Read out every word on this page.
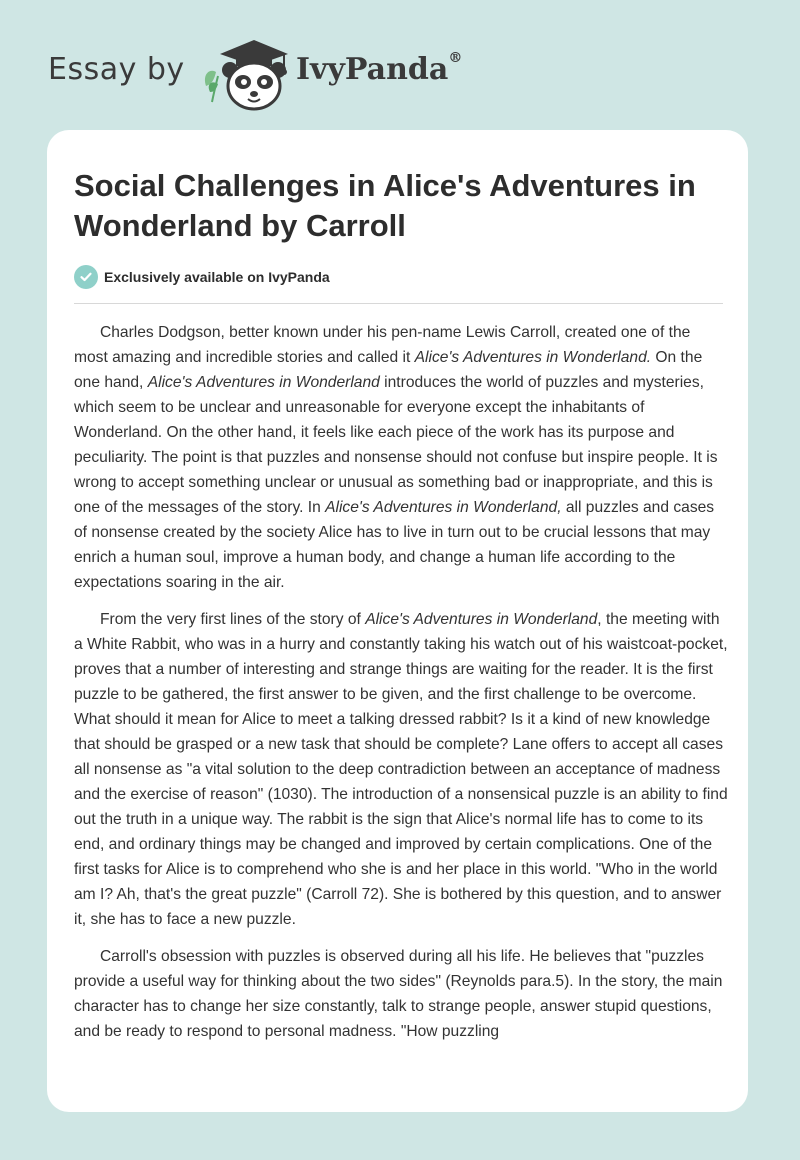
Essay by	IvyPanda®
Social Challenges in Alice's Adventures in Wonderland by Carroll
Exclusively available on IvyPanda

Charles Dodgson, better known under his pen-name Lewis Carroll, created one of the most amazing and incredible stories and called it Alice's Adventures in Wonderland. On the one hand, Alice's Adventures in Wonderland introduces the world of puzzles and mysteries, which seem to be unclear and unreasonable for everyone except the inhabitants of Wonderland. On the other hand, it feels like each piece of the work has its purpose and peculiarity. The point is that puzzles and nonsense should not confuse but inspire people. It is wrong to accept something unclear or unusual as something bad or inappropriate, and this is one of the messages of the story. In Alice's Adventures in Wonderland, all puzzles and cases of nonsense created by the society Alice has to live in turn out to be crucial lessons that may enrich a human soul, improve a human body, and change a human life according to the expectations soaring in the air.

From the very first lines of the story of Alice's Adventures in Wonderland, the meeting with a White Rabbit, who was in a hurry and constantly taking his watch out of his waistcoat-pocket, proves that a number of interesting and strange things are waiting for the reader. It is the first puzzle to be gathered, the first answer to be given, and the first challenge to be overcome. What should it mean for Alice to meet a talking dressed rabbit? Is it a kind of new knowledge that should be grasped or a new task that should be complete? Lane offers to accept all cases all nonsense as "a vital solution to the deep contradiction between an acceptance of madness and the exercise of reason" (1030). The introduction of a nonsensical puzzle is an ability to find out the truth in a unique way. The rabbit is the sign that Alice's normal life has to come to its end, and ordinary things may be changed and improved by certain complications. One of the first tasks for Alice is to comprehend who she is and her place in this world. "Who in the world am I? Ah, that's the great puzzle" (Carroll 72). She is bothered by this question, and to answer it, she has to face a new puzzle.

Carroll's obsession with puzzles is observed during all his life. He believes that "puzzles provide a useful way for thinking about the two sides" (Reynolds para.5). In the story, the main character has to change her size constantly, talk to strange people, answer stupid questions, and be ready to respond to personal madness. "How puzzling
